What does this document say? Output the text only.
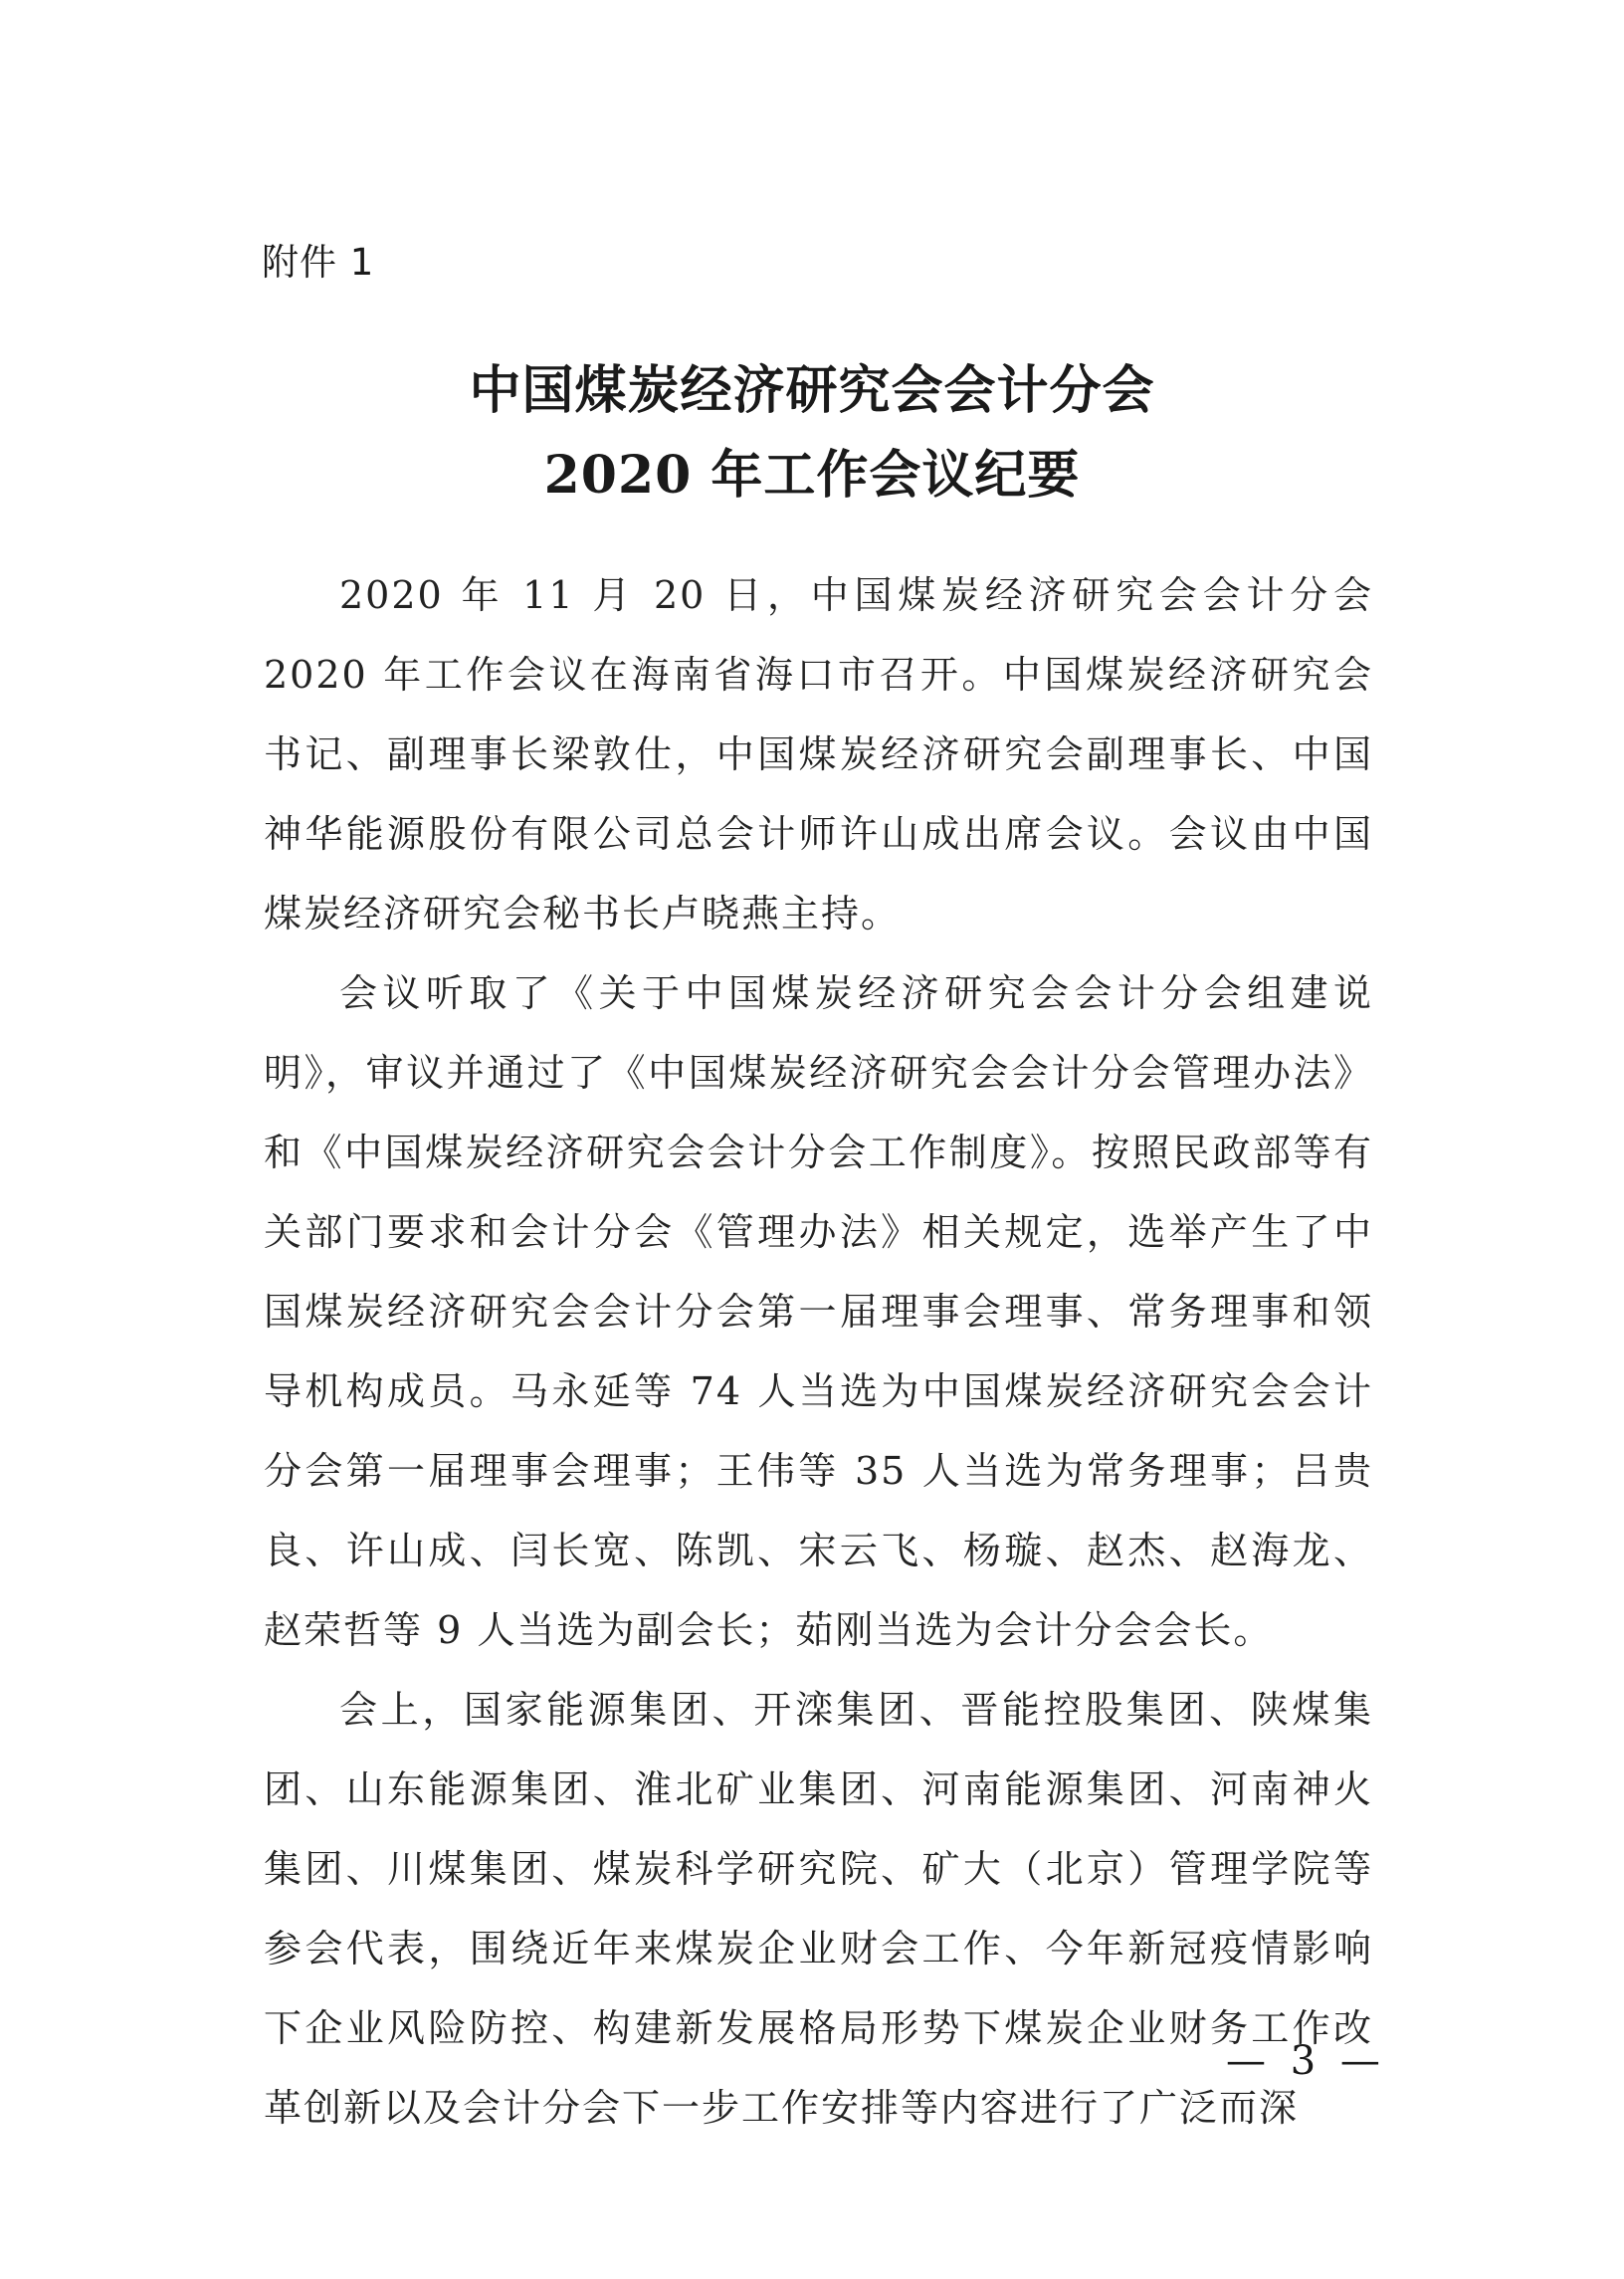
附件 1
中国煤炭经济研究会会计分会
2020 年工作会议纪要

2020 年 11 月 20 日，中国煤炭经济研究会会计分会 2020 年工作会议在海南省海口市召开。中国煤炭经济研究会书记、副理事长梁敦仕，中国煤炭经济研究会副理事长、中国神华能源股份有限公司总会计师许山成出席会议。会议由中国煤炭经济研究会秘书长卢晓燕主持。

会议听取了《关于中国煤炭经济研究会会计分会组建说明》，审议并通过了《中国煤炭经济研究会会计分会管理办法》和《中国煤炭经济研究会会计分会工作制度》。按照民政部等有关部门要求和会计分会《管理办法》相关规定，选举产生了中国煤炭经济研究会会计分会第一届理事会理事、常务理事和领导机构成员。马永延等 74 人当选为中国煤炭经济研究会会计分会第一届理事会理事；王伟等 35 人当选为常务理事；吕贵良、许山成、闫长宽、陈凯、宋云飞、杨璇、赵杰、赵海龙、赵荣哲等 9 人当选为副会长；茹刚当选为会计分会会长。

会上，国家能源集团、开滦集团、晋能控股集团、陕煤集团、山东能源集团、淮北矿业集团、河南能源集团、河南神火集团、川煤集团、煤炭科学研究院、矿大（北京）管理学院等参会代表，围绕近年来煤炭企业财会工作、今年新冠疫情影响下企业风险防控、构建新发展格局形势下煤炭企业财务工作改革创新以及会计分会下一步工作安排等内容进行了广泛而深

— 3 —
